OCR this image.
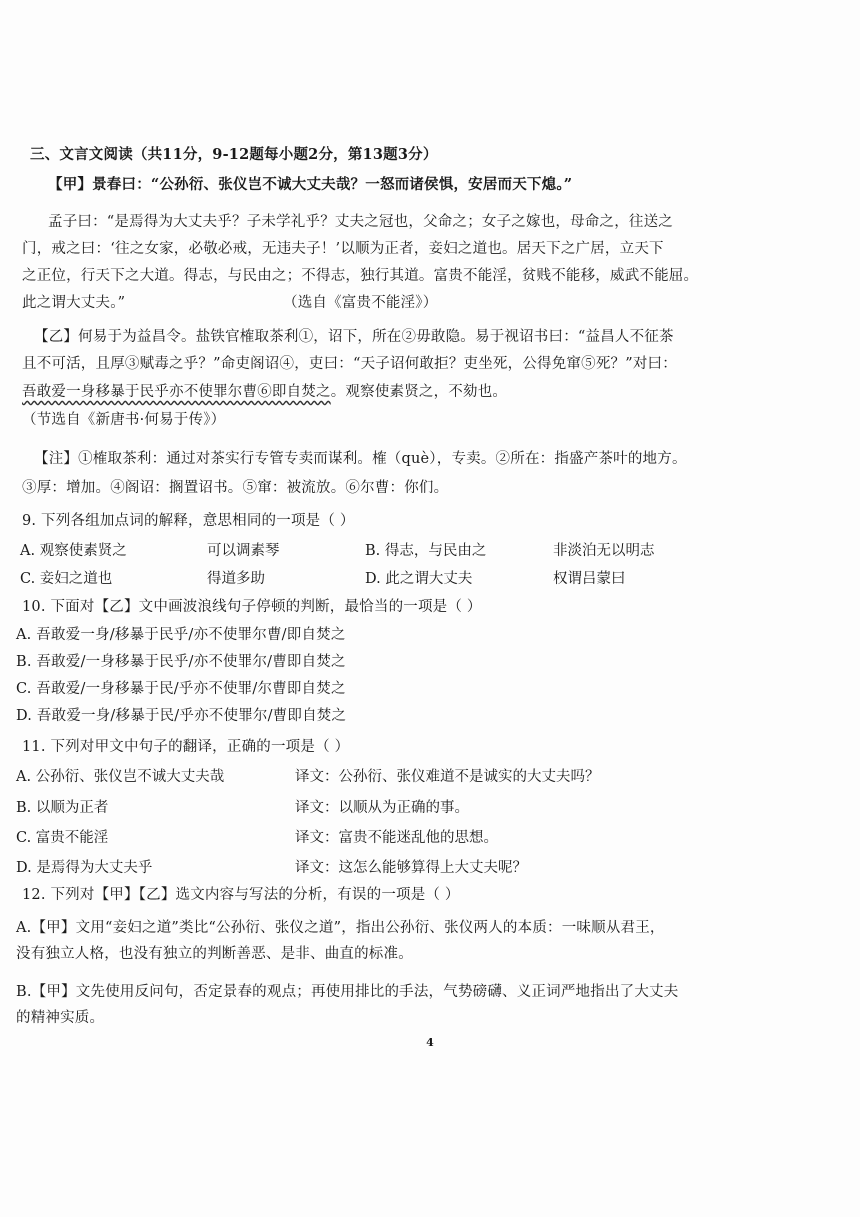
三、文言文阅读（共11分，9-12题每小题2分，第13题3分）
【甲】景春曰：“公孙衍、张仪岂不诚大丈夫哉？一怒而诸侯惧，安居而天下熄。”
孟子曰：“是焉得为大丈夫乎？子未学礼乎？丈夫之冠也，父命之；女子之嫁也，母命之，往送之
门，戒之曰：‘往之女家，必敬必戒，无违夫子！’以顺为正者，妾妇之道也。居天下之广居，立天下
之正位，行天下之大道。得志，与民由之；不得志，独行其道。富贵不能淫，贫贱不能移，威武不能屈。
此之谓大丈夫。”	（选自《富贵不能淫》）
【乙】何易于为益昌令。盐铁官榷取茶利①，诏下，所在②毋敢隐。易于视诏书曰：“益昌人不征茶
且不可活，且厚③赋毒之乎？”命吏阁诏④，吏曰：“天子诏何敢拒？吏坐死，公得免窜⑤死？”对曰：
吾敢爱一身移暴于民乎亦不使罪尔曹⑥即自焚之。观察使素贤之，不劾也。
（节选自《新唐书·何易于传》）
【注】①榷取茶利：通过对茶实行专管专卖而谋利。榷（què），专卖。②所在：指盛产茶叶的地方。
③厚：增加。④阁诏：搁置诏书。⑤窜：被流放。⑥尔曹：你们。
9. 下列各组加点词的解释，意思相同的一项是（ ）
A. 观察使素贤之	可以调素琴	B. 得志，与民由之	非淡泊无以明志
C. 妾妇之道也	得道多助	D. 此之谓大丈夫	权谓吕蒙曰
10. 下面对【乙】文中画波浪线句子停顿的判断，最恰当的一项是（ ）
A. 吾敢爱一身/移暴于民乎/亦不使罪尔曹/即自焚之
B. 吾敢爱/一身移暴于民乎/亦不使罪尔/曹即自焚之
C. 吾敢爱/一身移暴于民/乎亦不使罪/尔曹即自焚之
D. 吾敢爱一身/移暴于民/乎亦不使罪尔/曹即自焚之
11. 下列对甲文中句子的翻译，正确的一项是（ ）
A. 公孙衍、张仪岂不诚大丈夫哉	译文：公孙衍、张仪难道不是诚实的大丈夫吗？
B. 以顺为正者	译文：以顺从为正确的事。
C. 富贵不能淫	译文：富贵不能迷乱他的思想。
D. 是焉得为大丈夫乎	译文：这怎么能够算得上大丈夫呢？
12. 下列对【甲】【乙】选文内容与写法的分析，有误的一项是（ ）
A.【甲】文用“妾妇之道”类比“公孙衍、张仪之道”，指出公孙衍、张仪两人的本质：一味顺从君王，
没有独立人格，也没有独立的判断善恶、是非、曲直的标准。
B.【甲】文先使用反问句，否定景春的观点；再使用排比的手法，气势磅礴、义正词严地指出了大丈夫
的精神实质。
4
